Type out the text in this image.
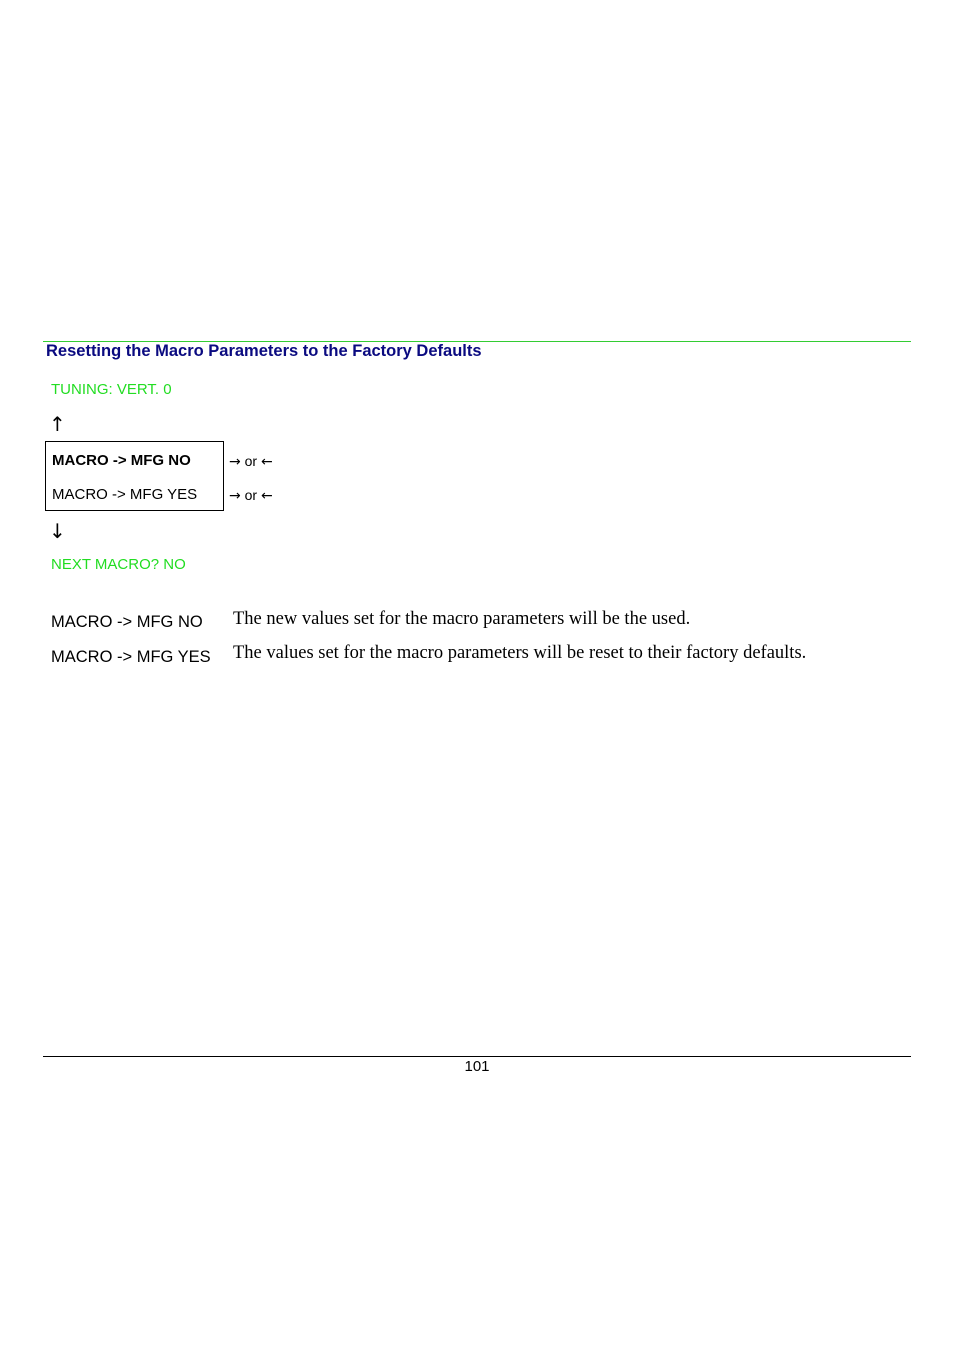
Resetting the Macro Parameters to the Factory Defaults
TUNING: VERT. 0
↑
MACRO -> MFG NO
MACRO -> MFG YES
→ or ←
→ or ←
↓
NEXT MACRO? NO
MACRO -> MFG NO The new values set for the macro parameters will be the used.
MACRO -> MFG YES The values set for the macro parameters will be reset to their factory defaults.
101
